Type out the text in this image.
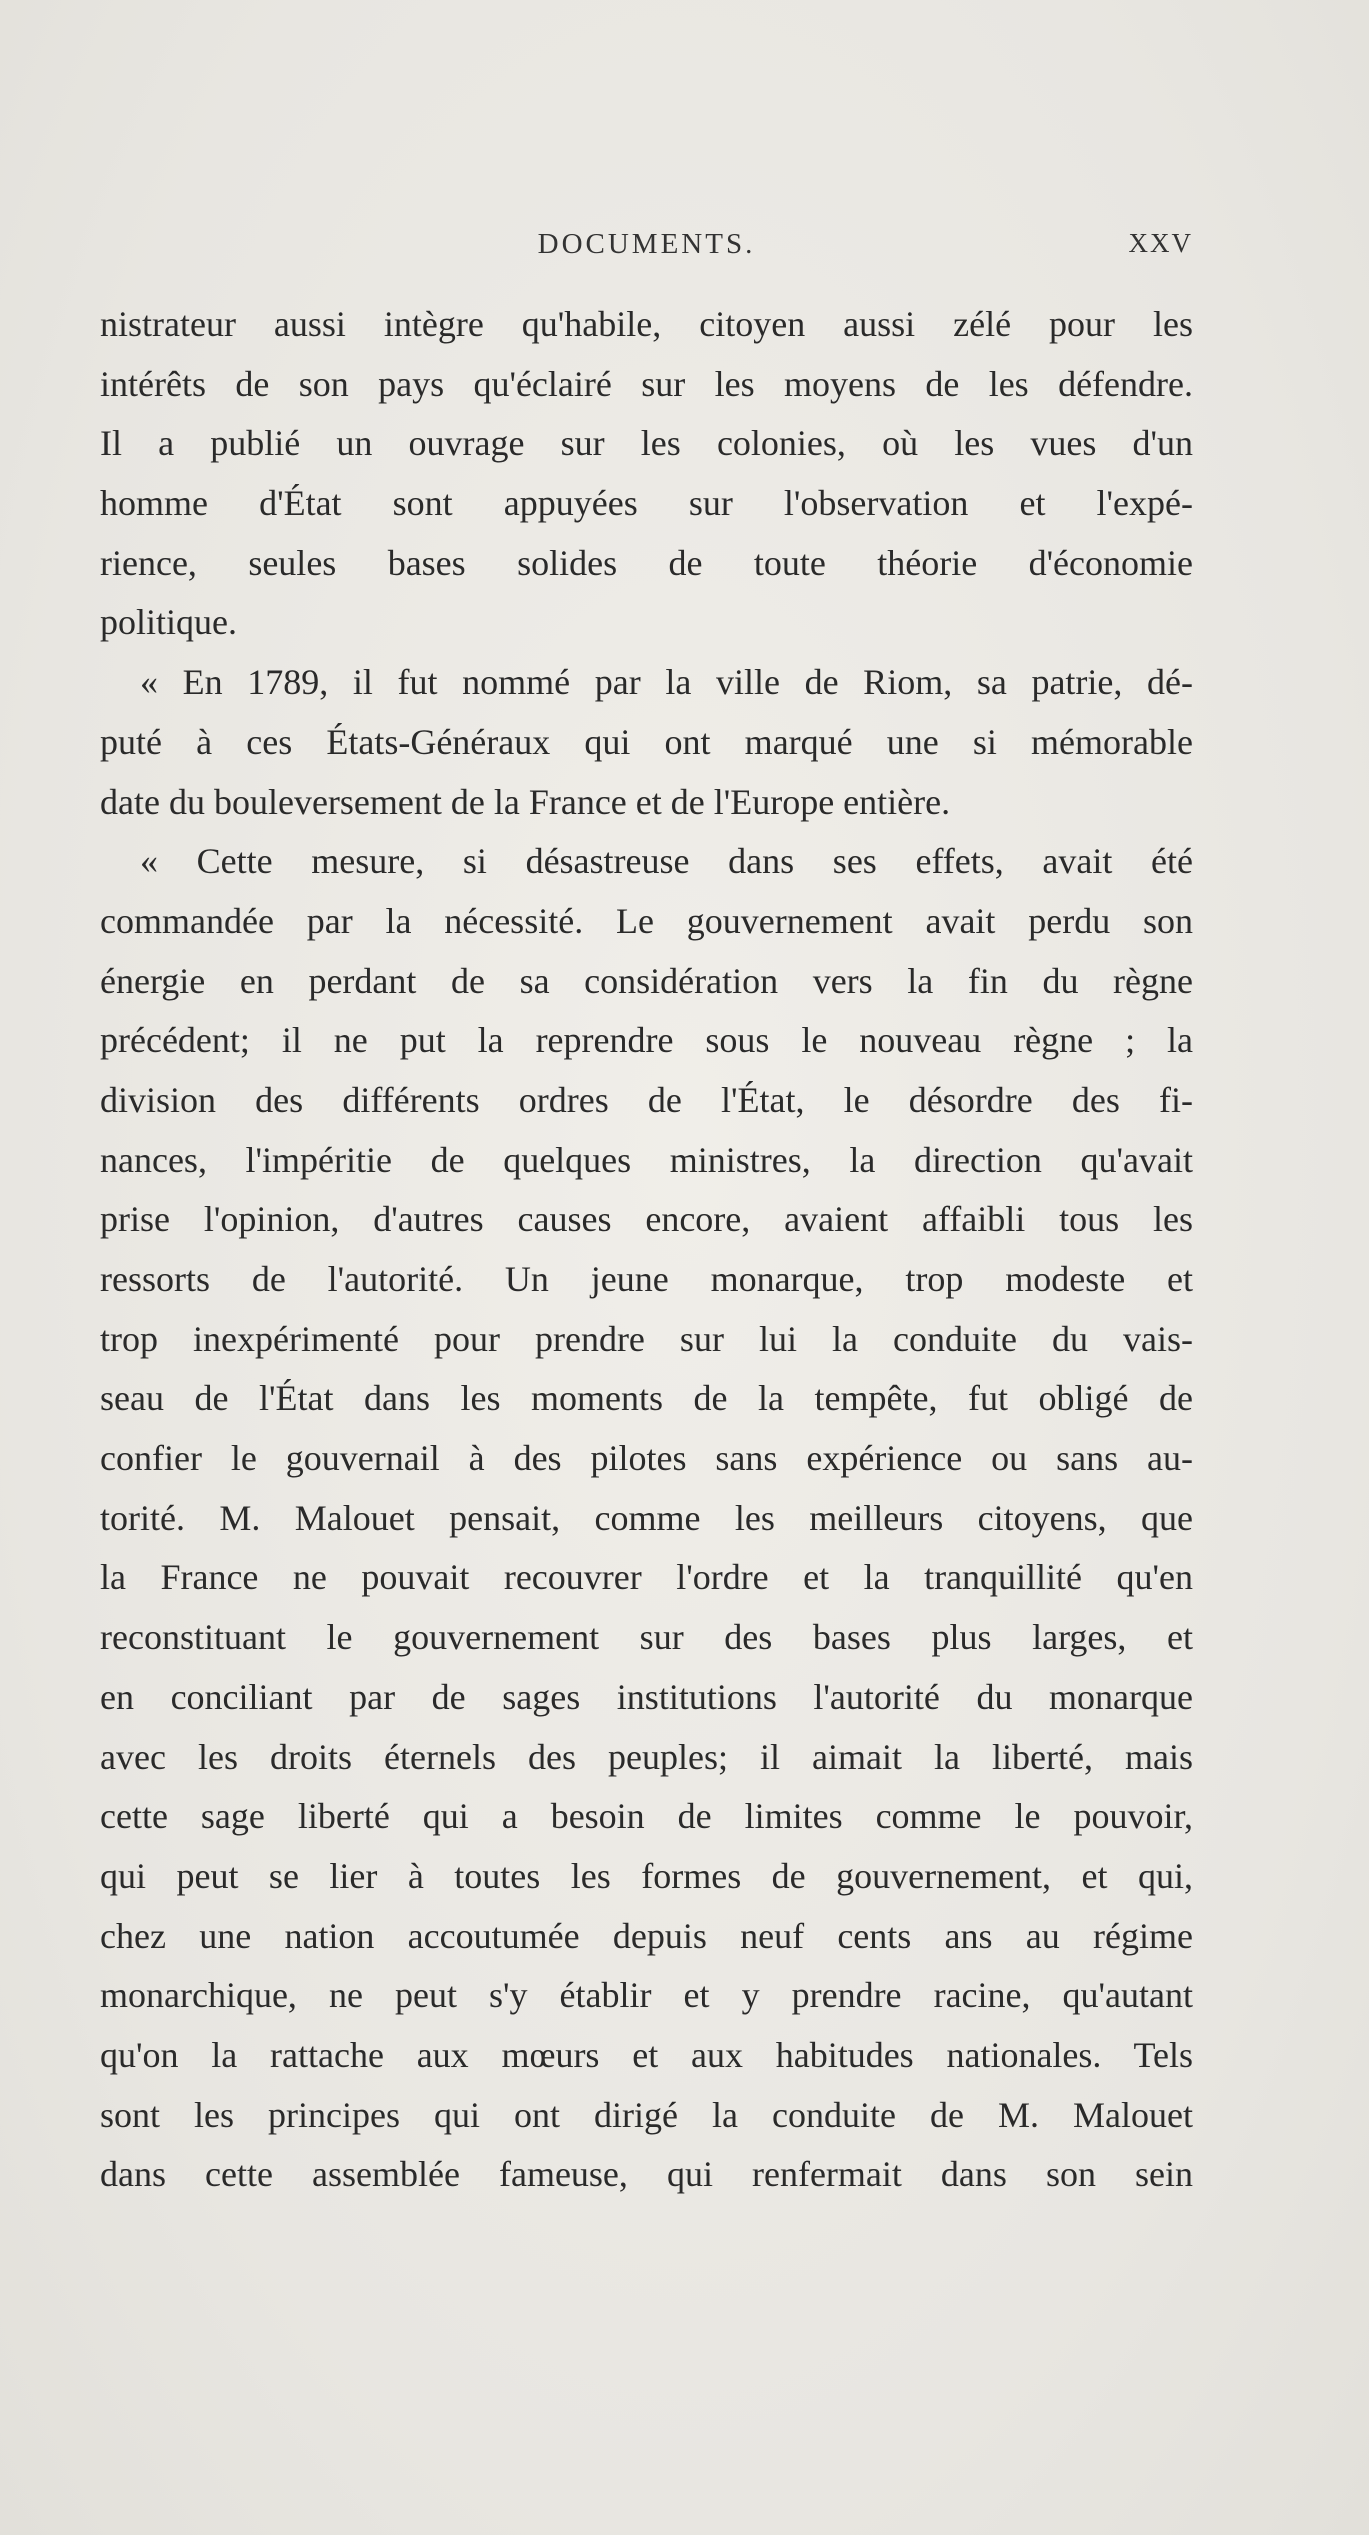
DOCUMENTS.	XXV
nistrateur aussi intègre qu'habile, citoyen aussi zélé pour les
intérêts de son pays qu'éclairé sur les moyens de les défendre.
Il a publié un ouvrage sur les colonies, où les vues d'un
homme d'État sont appuyées sur l'observation et l'expé-
rience, seules bases solides de toute théorie d'économie
politique.
« En 1789, il fut nommé par la ville de Riom, sa patrie, dé-
puté à ces États-Généraux qui ont marqué une si mémorable
date du bouleversement de la France et de l'Europe entière.
« Cette mesure, si désastreuse dans ses effets, avait été
commandée par la nécessité. Le gouvernement avait perdu son
énergie en perdant de sa considération vers la fin du règne
précédent; il ne put la reprendre sous le nouveau règne ; la
division des différents ordres de l'État, le désordre des fi-
nances, l'impéritie de quelques ministres, la direction qu'avait
prise l'opinion, d'autres causes encore, avaient affaibli tous les
ressorts de l'autorité. Un jeune monarque, trop modeste et
trop inexpérimenté pour prendre sur lui la conduite du vais-
seau de l'État dans les moments de la tempête, fut obligé de
confier le gouvernail à des pilotes sans expérience ou sans au-
torité. M. Malouet pensait, comme les meilleurs citoyens, que
la France ne pouvait recouvrer l'ordre et la tranquillité qu'en
reconstituant le gouvernement sur des bases plus larges, et
en conciliant par de sages institutions l'autorité du monarque
avec les droits éternels des peuples; il aimait la liberté, mais
cette sage liberté qui a besoin de limites comme le pouvoir,
qui peut se lier à toutes les formes de gouvernement, et qui,
chez une nation accoutumée depuis neuf cents ans au régime
monarchique, ne peut s'y établir et y prendre racine, qu'autant
qu'on la rattache aux mœurs et aux habitudes nationales. Tels
sont les principes qui ont dirigé la conduite de M. Malouet
dans cette assemblée fameuse, qui renfermait dans son sein
